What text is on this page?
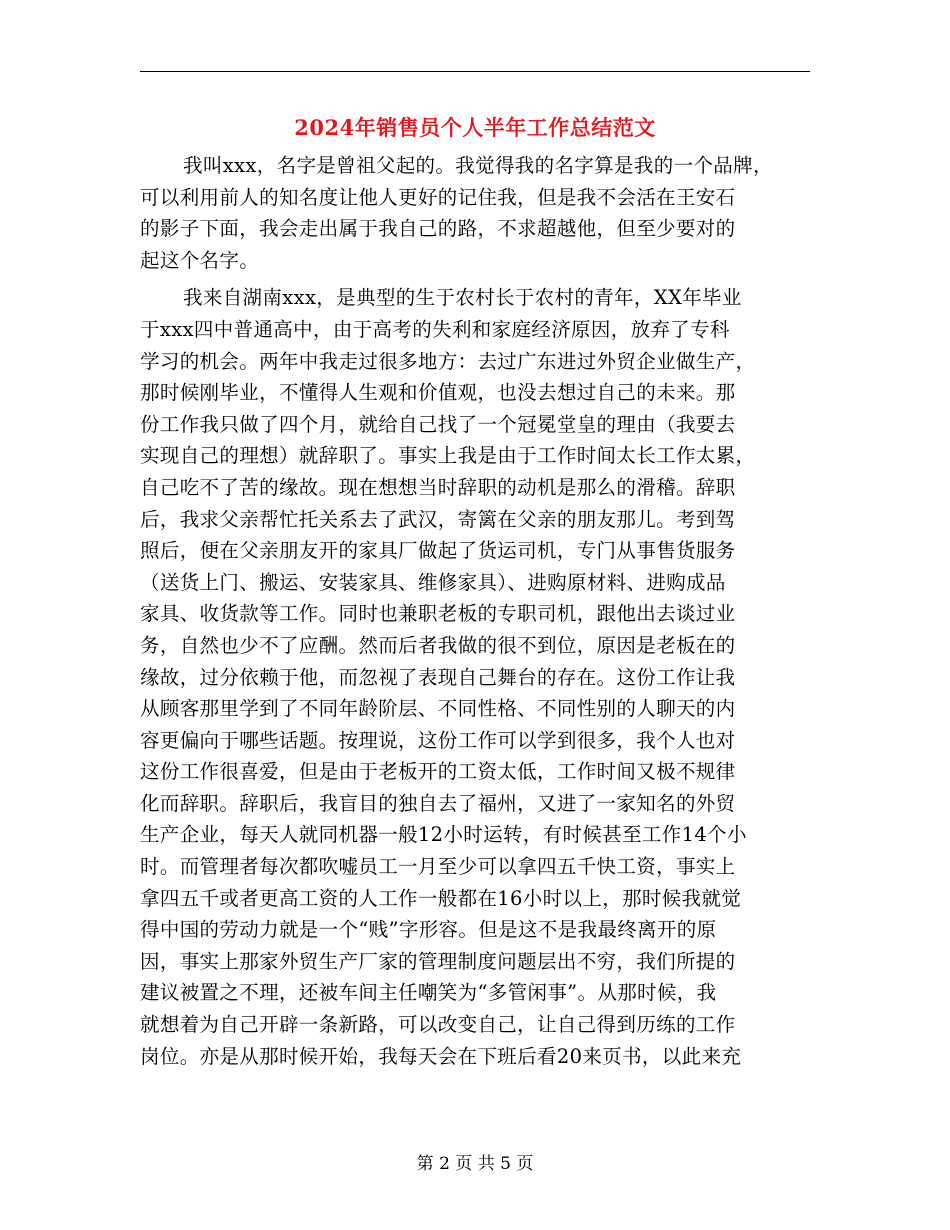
2024年销售员个人半年工作总结范文
我叫xxx，名字是曾祖父起的。我觉得我的名字算是我的一个品牌，
可以利用前人的知名度让他人更好的记住我，但是我不会活在王安石
的影子下面，我会走出属于我自己的路，不求超越他，但至少要对的
起这个名字。
我来自湖南xxx，是典型的生于农村长于农村的青年，XX年毕业
于xxx四中普通高中，由于高考的失利和家庭经济原因，放弃了专科
学习的机会。两年中我走过很多地方：去过广东进过外贸企业做生产，
那时候刚毕业，不懂得人生观和价值观，也没去想过自己的未来。那
份工作我只做了四个月，就给自己找了一个冠冕堂皇的理由（我要去
实现自己的理想）就辞职了。事实上我是由于工作时间太长工作太累，
自己吃不了苦的缘故。现在想想当时辞职的动机是那么的滑稽。辞职
后，我求父亲帮忙托关系去了武汉，寄篱在父亲的朋友那儿。考到驾
照后，便在父亲朋友开的家具厂做起了货运司机，专门从事售货服务
（送货上门、搬运、安装家具、维修家具）、进购原材料、进购成品
家具、收货款等工作。同时也兼职老板的专职司机，跟他出去谈过业
务，自然也少不了应酬。然而后者我做的很不到位，原因是老板在的
缘故，过分依赖于他，而忽视了表现自己舞台的存在。这份工作让我
从顾客那里学到了不同年龄阶层、不同性格、不同性别的人聊天的内
容更偏向于哪些话题。按理说，这份工作可以学到很多，我个人也对
这份工作很喜爱，但是由于老板开的工资太低，工作时间又极不规律
化而辞职。辞职后，我盲目的独自去了福州，又进了一家知名的外贸
生产企业，每天人就同机器一般12小时运转，有时候甚至工作14个小
时。而管理者每次都吹嘘员工一月至少可以拿四五千快工资，事实上
拿四五千或者更高工资的人工作一般都在16小时以上，那时候我就觉
得中国的劳动力就是一个“贱”字形容。但是这不是我最终离开的原
因，事实上那家外贸生产厂家的管理制度问题层出不穷，我们所提的
建议被置之不理，还被车间主任嘲笑为“多管闲事”。从那时候，我
就想着为自己开辟一条新路，可以改变自己，让自己得到历练的工作
岗位。亦是从那时候开始，我每天会在下班后看20来页书，以此来充
第 2 页 共 5 页
